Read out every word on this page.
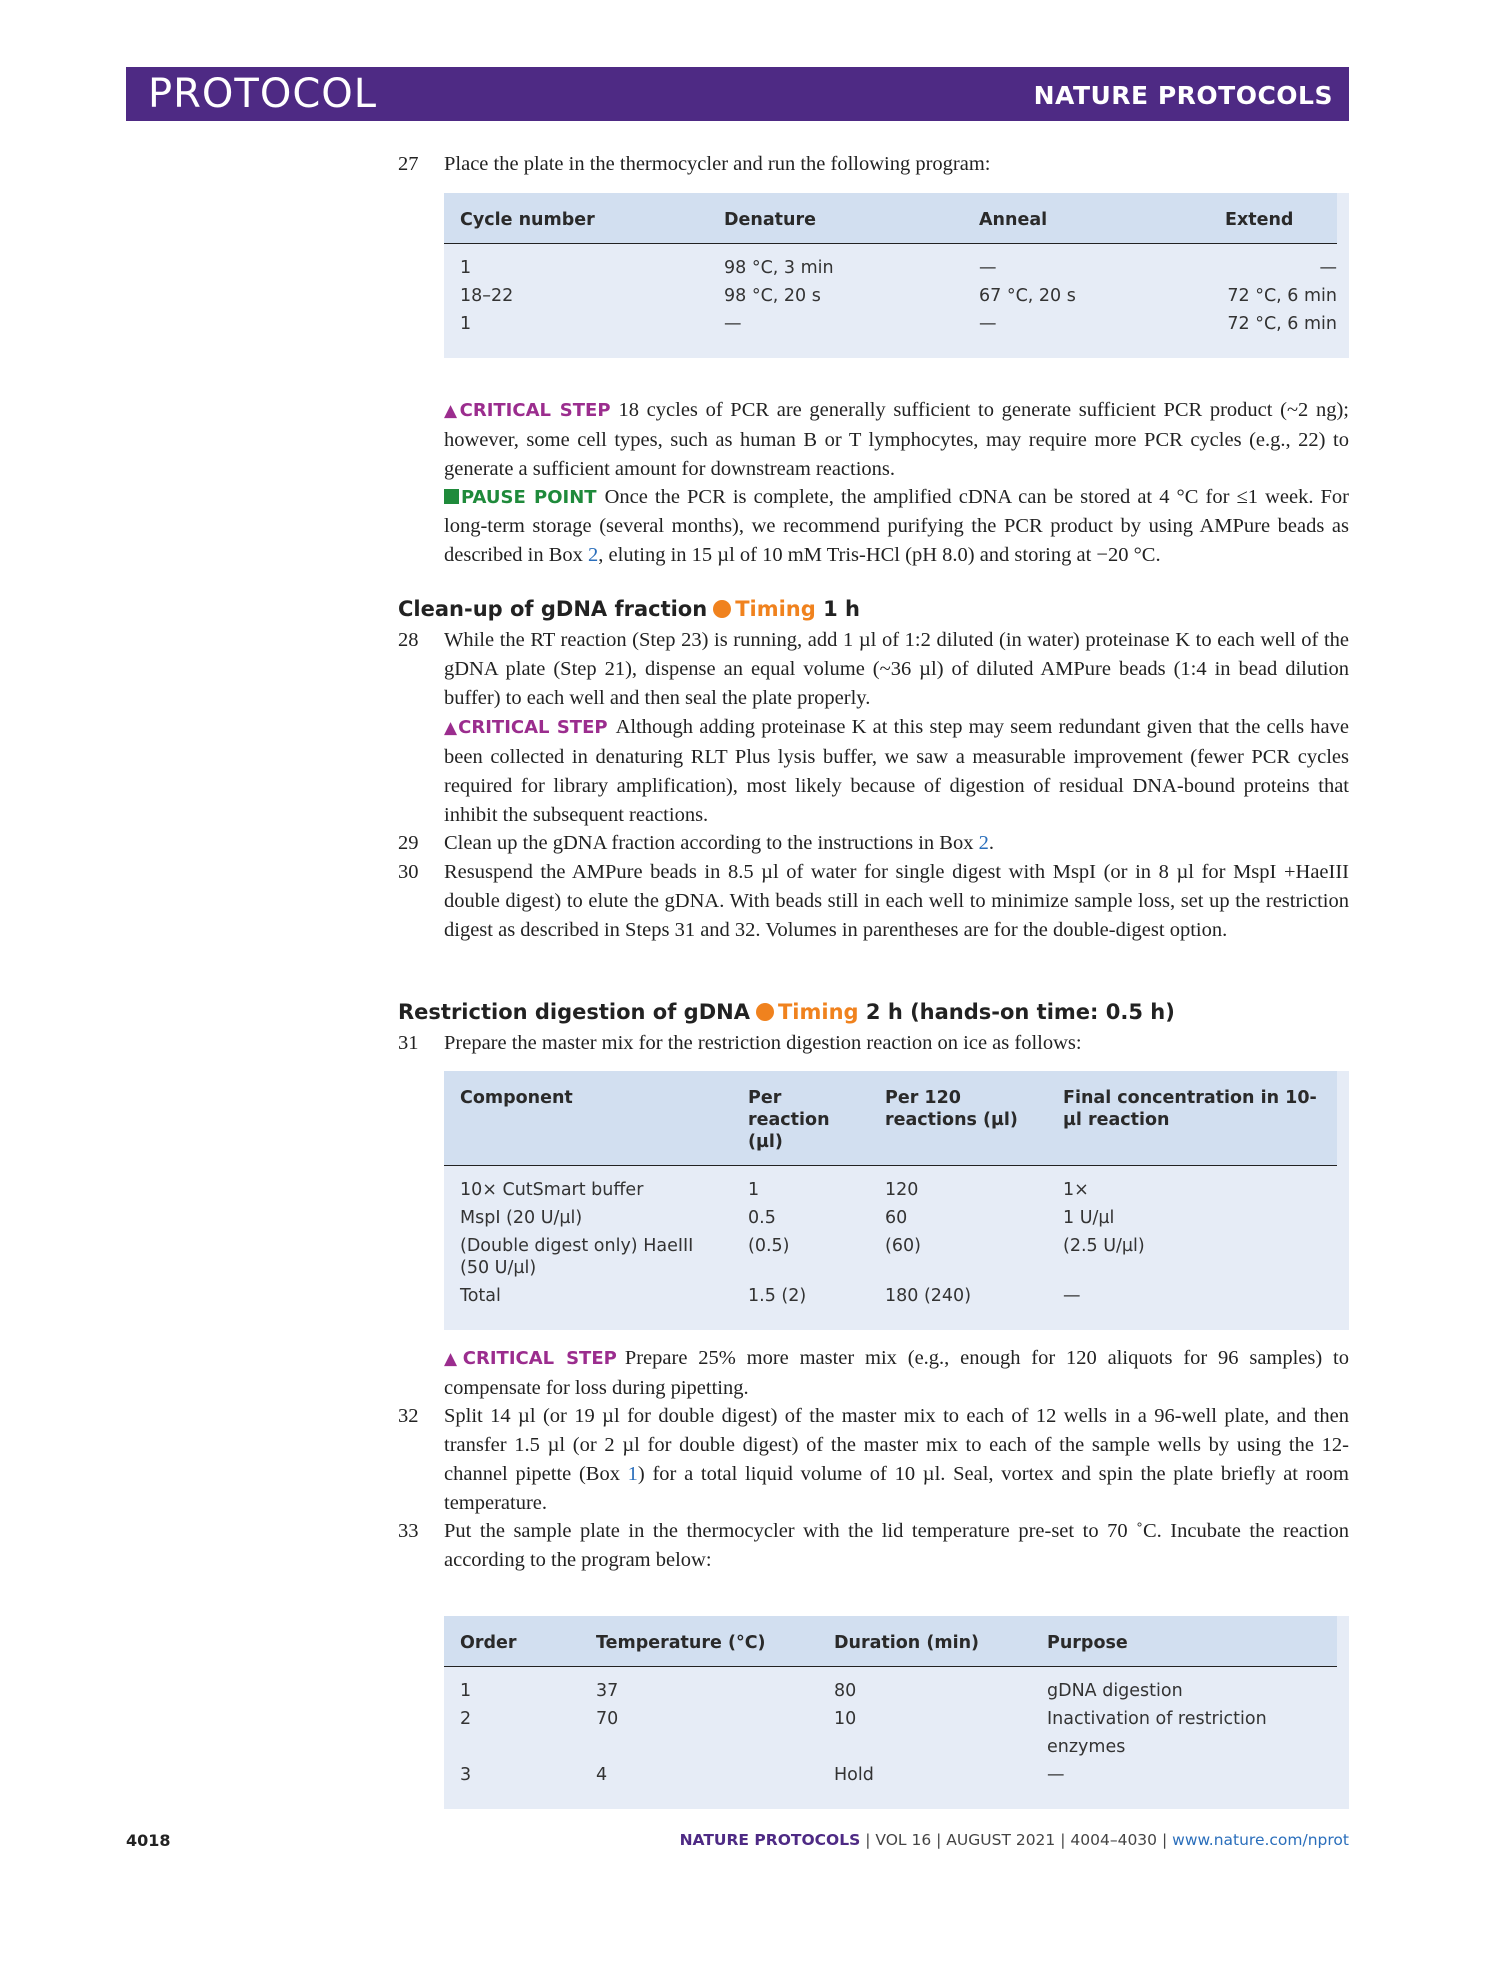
PROTOCOL	NATURE PROTOCOLS
27 Place the plate in the thermocycler and run the following program:
Cycle number	Denature	Anneal	Extend	
1	98 °C, 3 min	—	—	
18–22	98 °C, 20 s	67 °C, 20 s	72 °C, 6 min	
1	—	—	72 °C, 6 min	
▲CRITICAL STEP 18 cycles of PCR are generally sufficient to generate sufficient PCR product (~2 ng); however, some cell types, such as human B or T lymphocytes, may require more PCR cycles (e.g., 22) to generate a sufficient amount for downstream reactions.
PAUSE POINT Once the PCR is complete, the amplified cDNA can be stored at 4 °C for ≤1 week. For long-term storage (several months), we recommend purifying the PCR product by using AMPure beads as described in Box 2, eluting in 15 µl of 10 mM Tris-HCl (pH 8.0) and storing at −20 °C.
Clean-up of gDNA fraction Timing 1 h
28 While the RT reaction (Step 23) is running, add 1 µl of 1:2 diluted (in water) proteinase K to each well of the gDNA plate (Step 21), dispense an equal volume (~36 µl) of diluted AMPure beads (1:4 in bead dilution buffer) to each well and then seal the plate properly.
▲CRITICAL STEP Although adding proteinase K at this step may seem redundant given that the cells have been collected in denaturing RLT Plus lysis buffer, we saw a measurable improvement (fewer PCR cycles required for library amplification), most likely because of digestion of residual DNA-bound proteins that inhibit the subsequent reactions.
29 Clean up the gDNA fraction according to the instructions in Box 2.
30 Resuspend the AMPure beads in 8.5 µl of water for single digest with MspI (or in 8 µl for MspI +HaeIII double digest) to elute the gDNA. With beads still in each well to minimize sample loss, set up the restriction digest as described in Steps 31 and 32. Volumes in parentheses are for the double-digest option.
Restriction digestion of gDNA Timing 2 h (hands-on time: 0.5 h)
31 Prepare the master mix for the restriction digestion reaction on ice as follows:
Component	Per reaction (µl)	Per 120 reactions (µl)	Final concentration in 10-µl reaction	
10× CutSmart buffer	1	120	1×	
MspI (20 U/µl)	0.5	60	1 U/µl	
(Double digest only) HaeIII (50 U/µl)	(0.5)	(60)	(2.5 U/µl)	
Total	1.5 (2)	180 (240)	—	
▲CRITICAL STEP Prepare 25% more master mix (e.g., enough for 120 aliquots for 96 samples) to compensate for loss during pipetting.
32 Split 14 µl (or 19 µl for double digest) of the master mix to each of 12 wells in a 96-well plate, and then transfer 1.5 µl (or 2 µl for double digest) of the master mix to each of the sample wells by using the 12-channel pipette (Box 1) for a total liquid volume of 10 µl. Seal, vortex and spin the plate briefly at room temperature.
33 Put the sample plate in the thermocycler with the lid temperature pre-set to 70 ˚C. Incubate the reaction according to the program below:
Order	Temperature (°C)	Duration (min)	Purpose	
1	37	80	gDNA digestion	
2	70	10	Inactivation of restriction enzymes	
3	4	Hold	—	
4018	NATURE PROTOCOLS | VOL 16 | AUGUST 2021 | 4004–4030 | www.nature.com/nprot
